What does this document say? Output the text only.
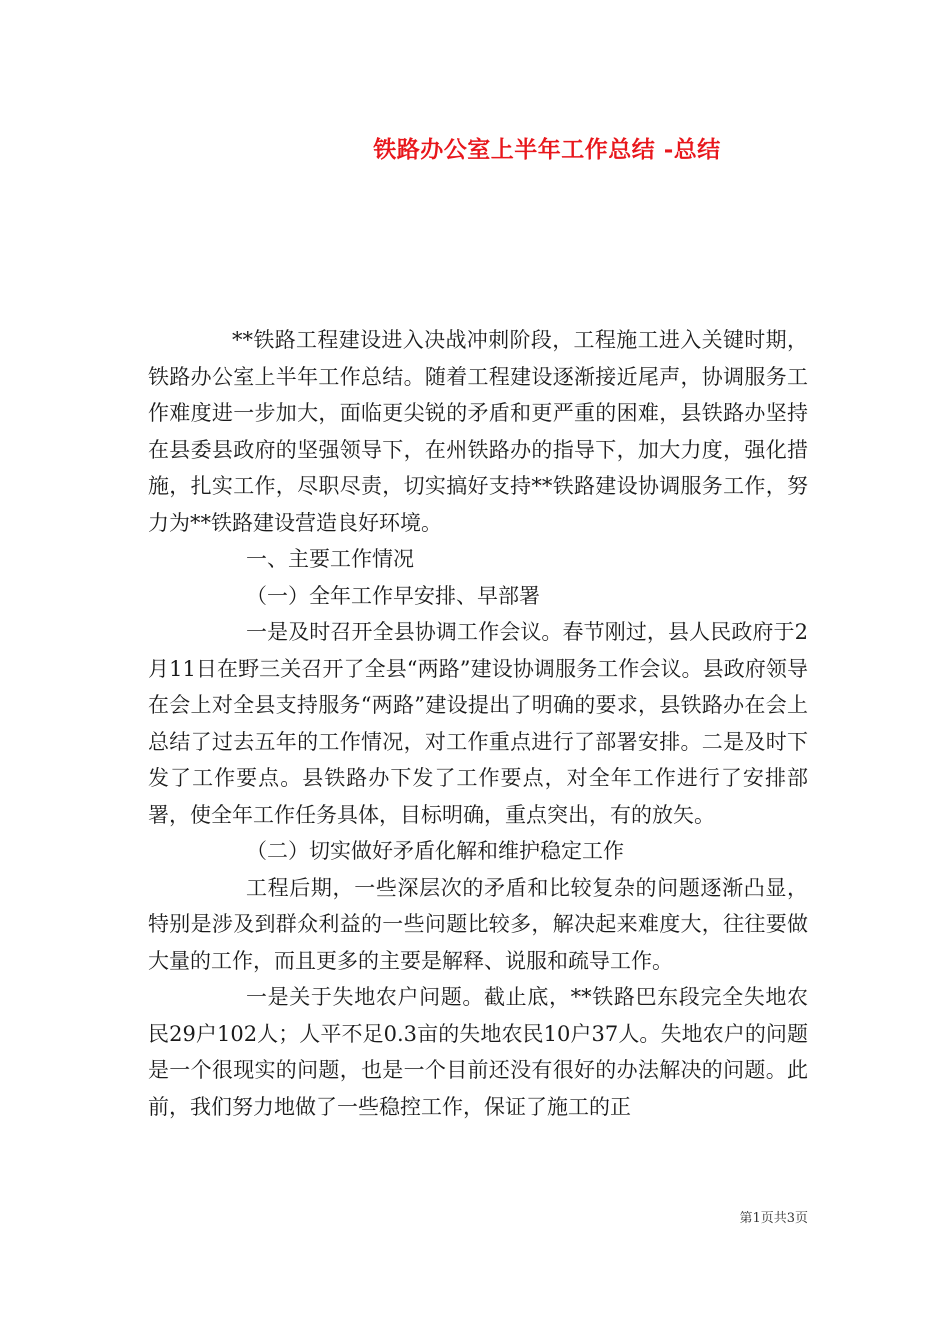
铁路办公室上半年工作总结 -总结

**铁路工程建设进入决战冲刺阶段，工程施工进入关键时期，铁路办公室上半年工作总结。随着工程建设逐渐接近尾声，协调服务工作难度进一步加大，面临更尖锐的矛盾和更严重的困难，县铁路办坚持在县委县政府的坚强领导下，在州铁路办的指导下，加大力度，强化措施，扎实工作，尽职尽责，切实搞好支持**铁路建设协调服务工作，努力为**铁路建设营造良好环境。

一、主要工作情况

（一）全年工作早安排、早部署

一是及时召开全县协调工作会议。春节刚过，县人民政府于2月11日在野三关召开了全县“两路”建设协调服务工作会议。县政府领导在会上对全县支持服务“两路”建设提出了明确的要求，县铁路办在会上总结了过去五年的工作情况，对工作重点进行了部署安排。二是及时下发了工作要点。县铁路办下发了工作要点，对全年工作进行了安排部署，使全年工作任务具体，目标明确，重点突出，有的放矢。

（二）切实做好矛盾化解和维护稳定工作

工程后期，一些深层次的矛盾和比较复杂的问题逐渐凸显，特别是涉及到群众利益的一些问题比较多，解决起来难度大，往往要做大量的工作，而且更多的主要是解释、说服和疏导工作。

一是关于失地农户问题。截止底，**铁路巴东段完全失地农民29户102人；人平不足0.3亩的失地农民10户37人。失地农户的问题是一个很现实的问题，也是一个目前还没有很好的办法解决的问题。此前，我们努力地做了一些稳控工作，保证了施工的正

第1页共3页
